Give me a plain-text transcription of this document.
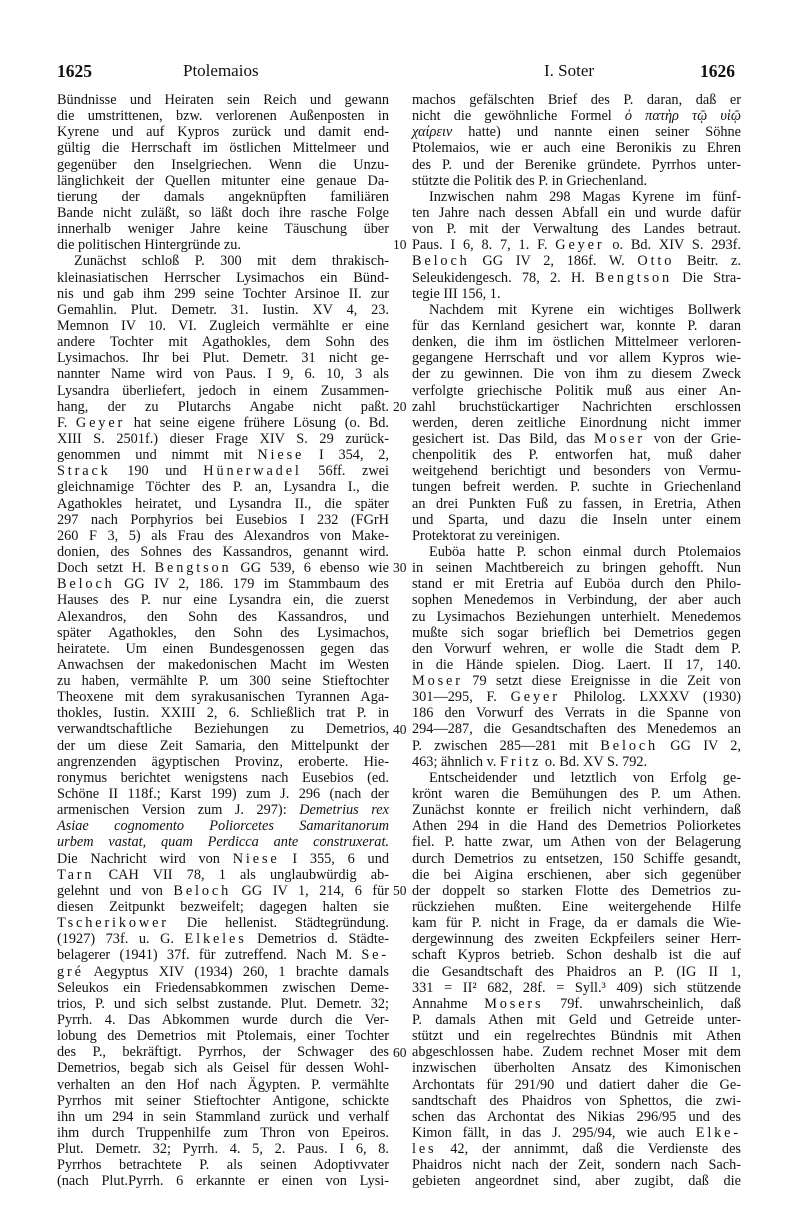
1625	Ptolemaios	I. Soter	1626
Bündnisse und Heiraten sein Reich und gewann
die umstrittenen, bzw. verlorenen Außenposten in
Kyrene und auf Kypros zurück und damit end-
gültig die Herrschaft im östlichen Mittelmeer und
gegenüber den Inselgriechen. Wenn die Unzu-
länglichkeit der Quellen mitunter eine genaue Da-
tierung der damals angeknüpften familiären
Bande nicht zuläßt, so läßt doch ihre rasche Folge
innerhalb weniger Jahre keine Täuschung über
die politischen Hintergründe zu.
Zunächst schloß P. 300 mit dem thrakisch-
kleinasiatischen Herrscher Lysimachos ein Bünd-
nis und gab ihm 299 seine Tochter Arsinoe II. zur
Gemahlin. Plut. Demetr. 31. Iustin. XV 4, 23.
Memnon IV 10. VI. Zugleich vermählte er eine
andere Tochter mit Agathokles, dem Sohn des
Lysimachos. Ihr bei Plut. Demetr. 31 nicht ge-
nannter Name wird von Paus. I 9, 6. 10, 3 als
Lysandra überliefert, jedoch in einem Zusammen-
hang, der zu Plutarchs Angabe nicht paßt.
F. Geyer hat seine eigene frühere Lösung (o. Bd.
XIII S. 2501f.) dieser Frage XIV S. 29 zurück-
genommen und nimmt mit Niese I 354, 2,
Strack 190 und Hünerwadel 56ff. zwei
gleichnamige Töchter des P. an, Lysandra I., die
Agathokles heiratet, und Lysandra II., die später
297 nach Porphyrios bei Eusebios I 232 (FGrH
260 F 3, 5) als Frau des Alexandros von Make-
donien, des Sohnes des Kassandros, genannt wird.
Doch setzt H. Bengtson GG 539, 6 ebenso wie
Beloch GG IV 2, 186. 179 im Stammbaum des
Hauses des P. nur eine Lysandra ein, die zuerst
Alexandros, den Sohn des Kassandros, und
später Agathokles, den Sohn des Lysimachos,
heiratete. Um einen Bundesgenossen gegen das
Anwachsen der makedonischen Macht im Westen
zu haben, vermählte P. um 300 seine Stieftochter
Theoxene mit dem syrakusanischen Tyrannen Aga-
thokles, Iustin. XXIII 2, 6. Schließlich trat P. in
verwandtschaftliche Beziehungen zu Demetrios,
der um diese Zeit Samaria, den Mittelpunkt der
angrenzenden ägyptischen Provinz, eroberte. Hie-
ronymus berichtet wenigstens nach Eusebios (ed.
Schöne II 118f.; Karst 199) zum J. 296 (nach der
armenischen Version zum J. 297): Demetrius rex
Asiae cognomento Poliorcetes Samaritanorum
urbem vastat, quam Perdicca ante construxerat.
Die Nachricht wird von Niese I 355, 6 und
Tarn CAH VII 78, 1 als unglaubwürdig ab-
gelehnt und von Beloch GG IV 1, 214, 6 für
diesen Zeitpunkt bezweifelt; dagegen halten sie
Tscherikower Die hellenist. Städtegründung.
(1927) 73f. u. G. Elkeles Demetrios d. Städte-
belagerer (1941) 37f. für zutreffend. Nach M. Se-
gré Aegyptus XIV (1934) 260, 1 brachte damals
Seleukos ein Friedensabkommen zwischen Deme-
trios, P. und sich selbst zustande. Plut. Demetr. 32;
Pyrrh. 4. Das Abkommen wurde durch die Ver-
lobung des Demetrios mit Ptolemais, einer Tochter
des P., bekräftigt. Pyrrhos, der Schwager des
Demetrios, begab sich als Geisel für dessen Wohl-
verhalten an den Hof nach Ägypten. P. vermählte
Pyrrhos mit seiner Stieftochter Antigone, schickte
ihn um 294 in sein Stammland zurück und verhalf
ihm durch Truppenhilfe zum Thron von Epeiros.
Plut. Demetr. 32; Pyrrh. 4. 5, 2. Paus. I 6, 8.
Pyrrhos betrachtete P. als seinen Adoptivvater
(nach Plut.Pyrrh. 6 erkannte er einen von Lysi-
machos gefälschten Brief des P. daran, daß er
nicht die gewöhnliche Formel ὁ πατὴρ τῷ υἱῷ
χαίρειν hatte) und nannte einen seiner Söhne
Ptolemaios, wie er auch eine Beronikis zu Ehren
des P. und der Berenike gründete. Pyrrhos unter-
stützte die Politik des P. in Griechenland.
Inzwischen nahm 298 Magas Kyrene im fünf-
ten Jahre nach dessen Abfall ein und wurde dafür
von P. mit der Verwaltung des Landes betraut.
Paus. I 6, 8. 7, 1. F. Geyer o. Bd. XIV S. 293f.
Beloch GG IV 2, 186f. W. Otto Beitr. z.
Seleukidengesch. 78, 2. H. Bengtson Die Stra-
tegie III 156, 1.
Nachdem mit Kyrene ein wichtiges Bollwerk
für das Kernland gesichert war, konnte P. daran
denken, die ihm im östlichen Mittelmeer verloren-
gegangene Herrschaft und vor allem Kypros wie-
der zu gewinnen. Die von ihm zu diesem Zweck
verfolgte griechische Politik muß aus einer An-
zahl bruchstückartiger Nachrichten erschlossen
werden, deren zeitliche Einordnung nicht immer
gesichert ist. Das Bild, das Moser von der Grie-
chenpolitik des P. entworfen hat, muß daher
weitgehend berichtigt und besonders von Vermu-
tungen befreit werden. P. suchte in Griechenland
an drei Punkten Fuß zu fassen, in Eretria, Athen
und Sparta, und dazu die Inseln unter einem
Protektorat zu vereinigen.
Euböa hatte P. schon einmal durch Ptolemaios
in seinen Machtbereich zu bringen gehofft. Nun
stand er mit Eretria auf Euböa durch den Philo-
sophen Menedemos in Verbindung, der aber auch
zu Lysimachos Beziehungen unterhielt. Menedemos
mußte sich sogar brieflich bei Demetrios gegen
den Vorwurf wehren, er wolle die Stadt dem P.
in die Hände spielen. Diog. Laert. II 17, 140.
Moser 79 setzt diese Ereignisse in die Zeit von
301—295, F. Geyer Philolog. LXXXV (1930)
186 den Vorwurf des Verrats in die Spanne von
294—287, die Gesandtschaften des Menedemos an
P. zwischen 285—281 mit Beloch GG IV 2,
463; ähnlich v. Fritz o. Bd. XV S. 792.
Entscheidender und letztlich von Erfolg ge-
krönt waren die Bemühungen des P. um Athen.
Zunächst konnte er freilich nicht verhindern, daß
Athen 294 in die Hand des Demetrios Poliorketes
fiel. P. hatte zwar, um Athen von der Belagerung
durch Demetrios zu entsetzen, 150 Schiffe gesandt,
die bei Aigina erschienen, aber sich gegenüber
der doppelt so starken Flotte des Demetrios zu-
rückziehen mußten. Eine weitergehende Hilfe
kam für P. nicht in Frage, da er damals die Wie-
dergewinnung des zweiten Eckpfeilers seiner Herr-
schaft Kypros betrieb. Schon deshalb ist die auf
die Gesandtschaft des Phaidros an P. (IG II 1,
331 = II² 682, 28f. = Syll.³ 409) sich stützende
Annahme Mosers 79f. unwahrscheinlich, daß
P. damals Athen mit Geld und Getreide unter-
stützt und ein regelrechtes Bündnis mit Athen
abgeschlossen habe. Zudem rechnet Moser mit dem
inzwischen überholten Ansatz des Kimonischen
Archontats für 291/90 und datiert daher die Ge-
sandtschaft des Phaidros von Sphettos, die zwi-
schen das Archontat des Nikias 296/95 und des
Kimon fällt, in das J. 295/94, wie auch Elke-
les 42, der annimmt, daß die Verdienste des
Phaidros nicht nach der Zeit, sondern nach Sach-
gebieten angeordnet sind, aber zugibt, daß die
10
20
30
40
50
60
